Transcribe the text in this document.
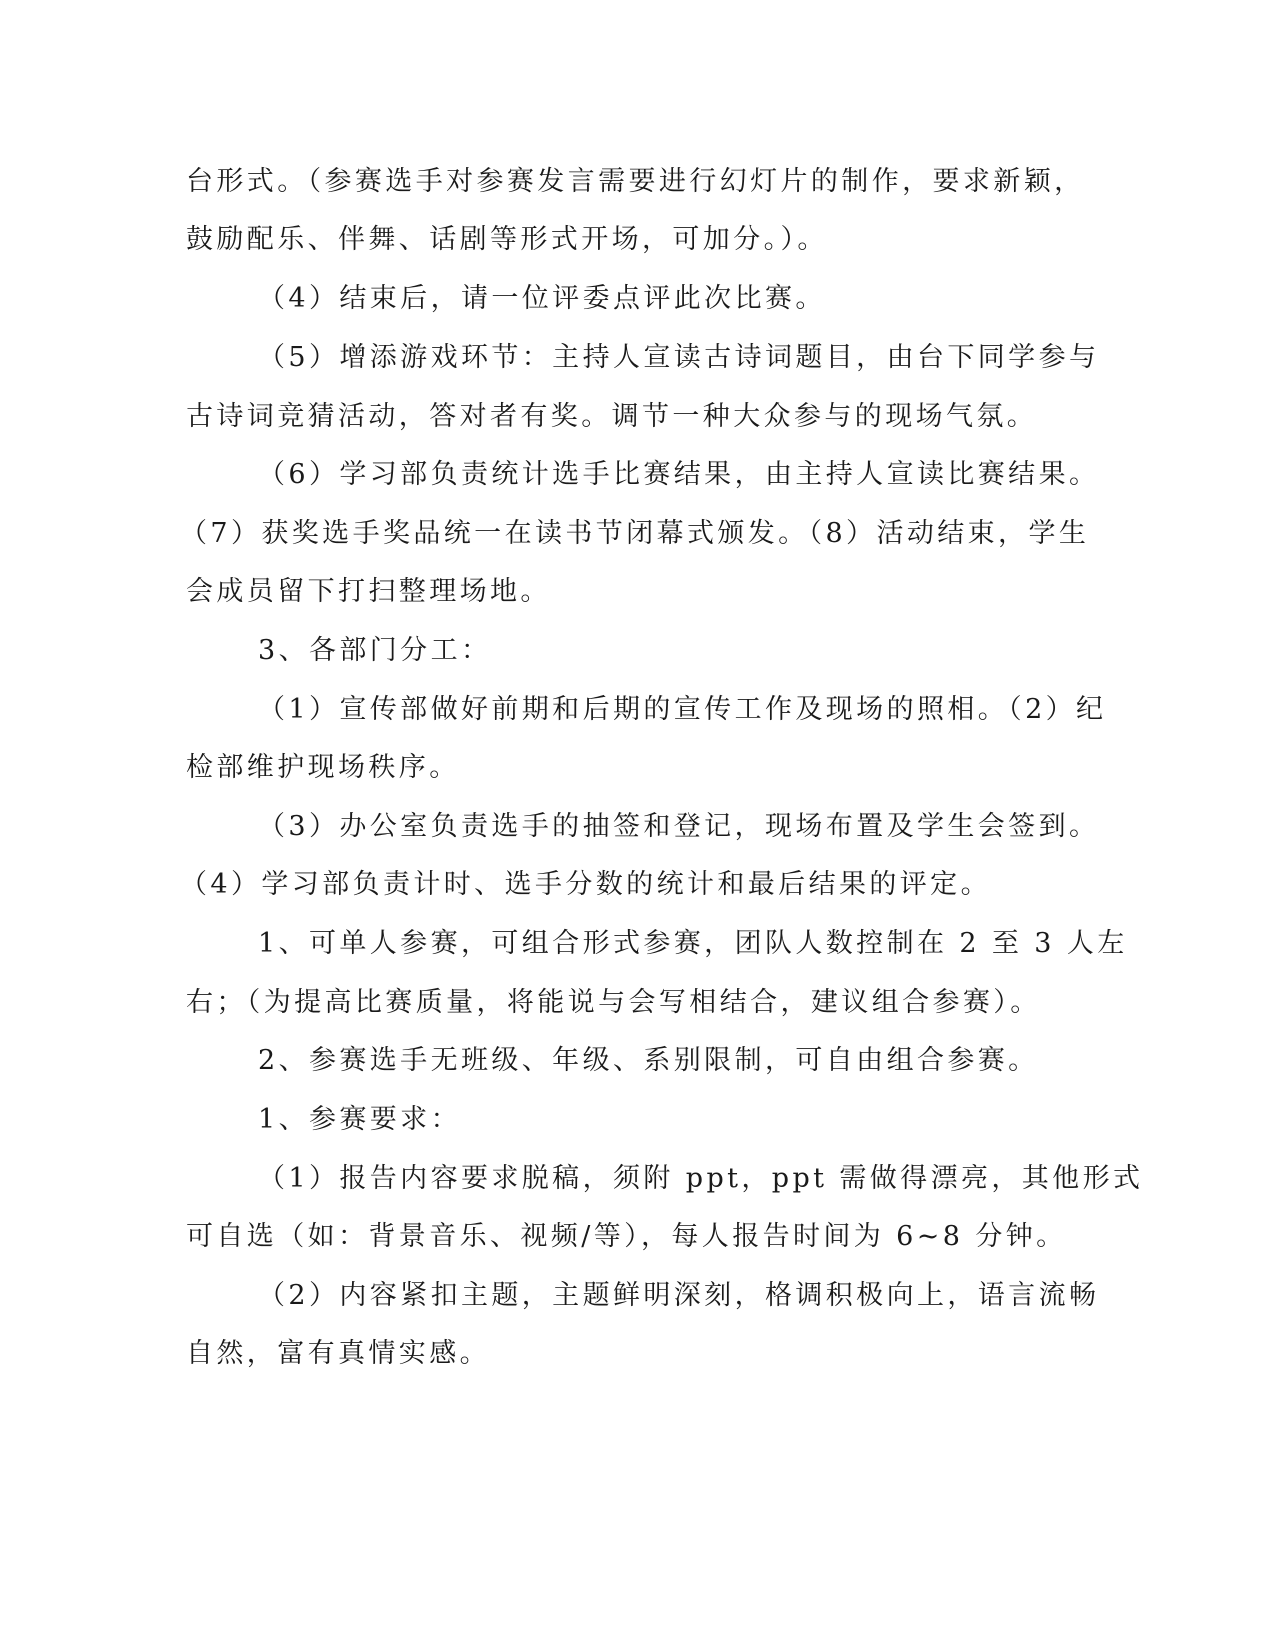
台形式。（参赛选手对参赛发言需要进行幻灯片的制作，要求新颖，
鼓励配乐、伴舞、话剧等形式开场，可加分。）。
（4）结束后，请一位评委点评此次比赛。
（5）增添游戏环节：主持人宣读古诗词题目，由台下同学参与
古诗词竞猜活动，答对者有奖。调节一种大众参与的现场气氛。
（6）学习部负责统计选手比赛结果，由主持人宣读比赛结果。
（7）获奖选手奖品统一在读书节闭幕式颁发。（8）活动结束，学生
会成员留下打扫整理场地。
3、各部门分工：
（1）宣传部做好前期和后期的宣传工作及现场的照相。（2）纪
检部维护现场秩序。
（3）办公室负责选手的抽签和登记，现场布置及学生会签到。
（4）学习部负责计时、选手分数的统计和最后结果的评定。
1、可单人参赛，可组合形式参赛，团队人数控制在 2 至 3 人左
右；（为提高比赛质量，将能说与会写相结合，建议组合参赛）。
2、参赛选手无班级、年级、系别限制，可自由组合参赛。
1、参赛要求：
（1）报告内容要求脱稿，须附 ppt，ppt 需做得漂亮，其他形式
可自选（如：背景音乐、视频/等），每人报告时间为 6~8 分钟。
（2）内容紧扣主题，主题鲜明深刻，格调积极向上，语言流畅
自然，富有真情实感。
